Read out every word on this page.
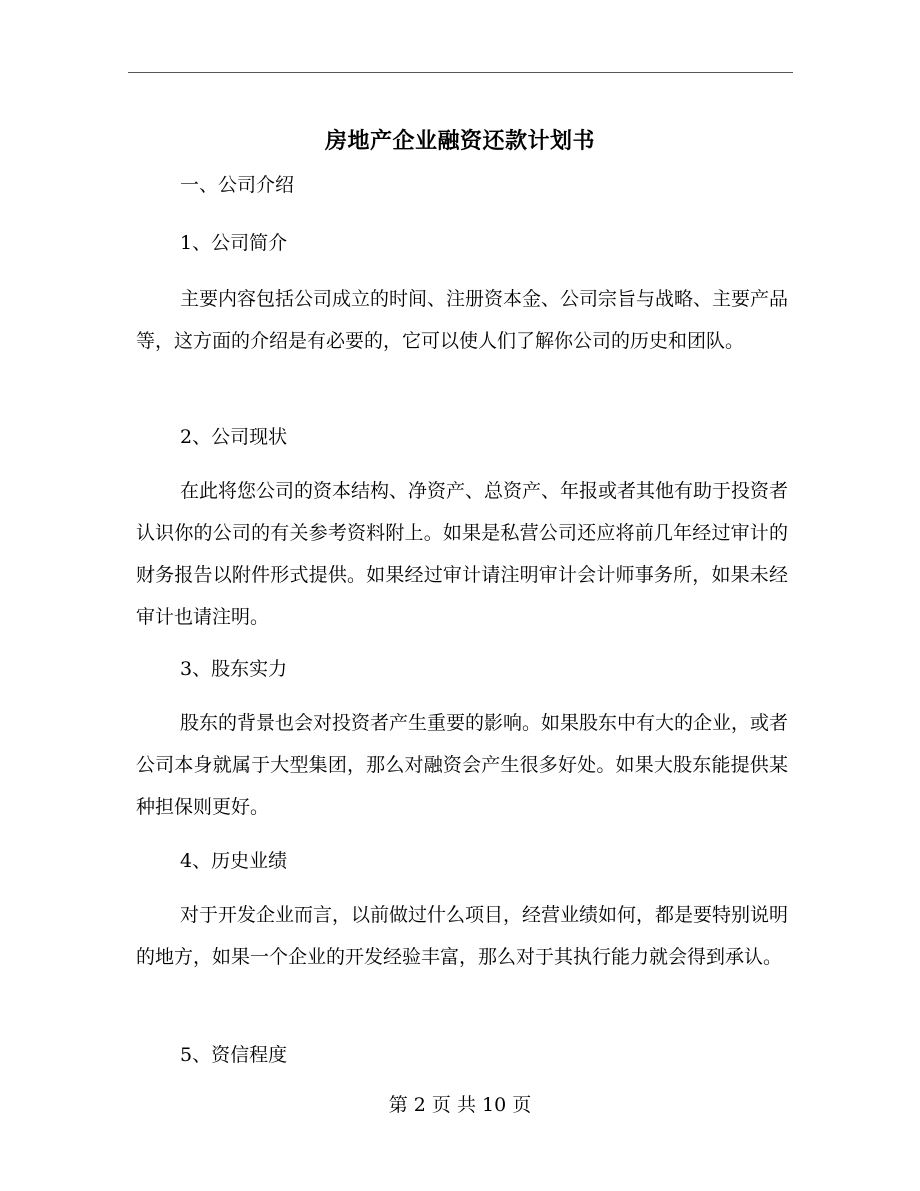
房地产企业融资还款计划书
一、公司介绍
1、公司简介

主要内容包括公司成立的时间、注册资本金、公司宗旨与战略、主要产品等，这方面的介绍是有必要的，它可以使人们了解你公司的历史和团队。

2、公司现状

在此将您公司的资本结构、净资产、总资产、年报或者其他有助于投资者认识你的公司的有关参考资料附上。如果是私营公司还应将前几年经过审计的财务报告以附件形式提供。如果经过审计请注明审计会计师事务所，如果未经审计也请注明。

3、股东实力

股东的背景也会对投资者产生重要的影响。如果股东中有大的企业，或者公司本身就属于大型集团，那么对融资会产生很多好处。如果大股东能提供某种担保则更好。

4、历史业绩

对于开发企业而言，以前做过什么项目，经营业绩如何，都是要特别说明的地方，如果一个企业的开发经验丰富，那么对于其执行能力就会得到承认。

5、资信程度
第 2 页 共 10 页
